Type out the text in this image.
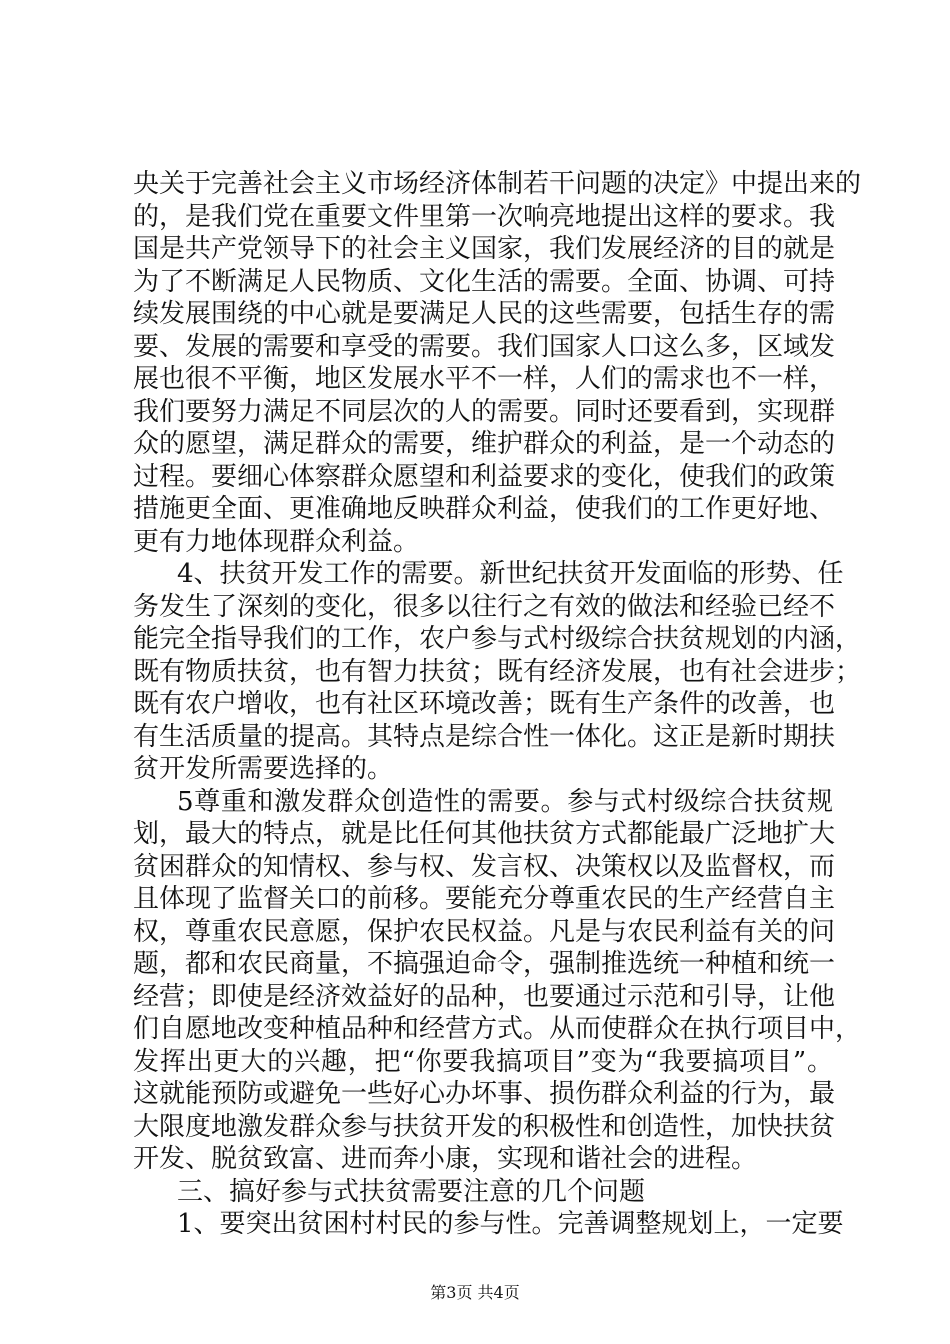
央关于完善社会主义市场经济体制若干问题的决定》中提出来的
的，是我们党在重要文件里第一次响亮地提出这样的要求。我
国是共产党领导下的社会主义国家，我们发展经济的目的就是
为了不断满足人民物质、文化生活的需要。全面、协调、可持
续发展围绕的中心就是要满足人民的这些需要，包括生存的需
要、发展的需要和享受的需要。我们国家人口这么多，区域发
展也很不平衡，地区发展水平不一样，人们的需求也不一样，
我们要努力满足不同层次的人的需要。同时还要看到，实现群
众的愿望，满足群众的需要，维护群众的利益，是一个动态的
过程。要细心体察群众愿望和利益要求的变化，使我们的政策
措施更全面、更准确地反映群众利益，使我们的工作更好地、
更有力地体现群众利益。
4、扶贫开发工作的需要。新世纪扶贫开发面临的形势、任
务发生了深刻的变化，很多以往行之有效的做法和经验已经不
能完全指导我们的工作，农户参与式村级综合扶贫规划的内涵，
既有物质扶贫，也有智力扶贫；既有经济发展，也有社会进步；
既有农户增收，也有社区环境改善；既有生产条件的改善，也
有生活质量的提高。其特点是综合性一体化。这正是新时期扶
贫开发所需要选择的。
5尊重和激发群众创造性的需要。参与式村级综合扶贫规
划，最大的特点，就是比任何其他扶贫方式都能最广泛地扩大
贫困群众的知情权、参与权、发言权、决策权以及监督权，而
且体现了监督关口的前移。要能充分尊重农民的生产经营自主
权，尊重农民意愿，保护农民权益。凡是与农民利益有关的问
题，都和农民商量，不搞强迫命令，强制推选统一种植和统一
经营；即使是经济效益好的品种，也要通过示范和引导，让他
们自愿地改变种植品种和经营方式。从而使群众在执行项目中，
发挥出更大的兴趣，把“你要我搞项目”变为“我要搞项目”。
这就能预防或避免一些好心办坏事、损伤群众利益的行为，最
大限度地激发群众参与扶贫开发的积极性和创造性，加快扶贫
开发、脱贫致富、进而奔小康，实现和谐社会的进程。
三、搞好参与式扶贫需要注意的几个问题
1、要突出贫困村村民的参与性。完善调整规划上，一定要
第3页 共4页
